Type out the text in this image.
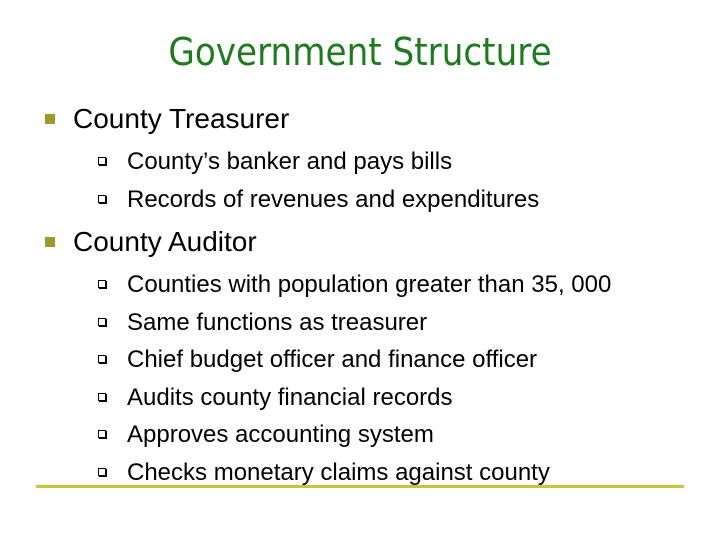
Government Structure
County Treasurer
County’s banker and pays bills
Records of revenues and expenditures
County Auditor
Counties with population greater than 35, 000
Same functions as treasurer
Chief budget officer and finance officer
Audits county financial records
Approves accounting system
Checks monetary claims against county
